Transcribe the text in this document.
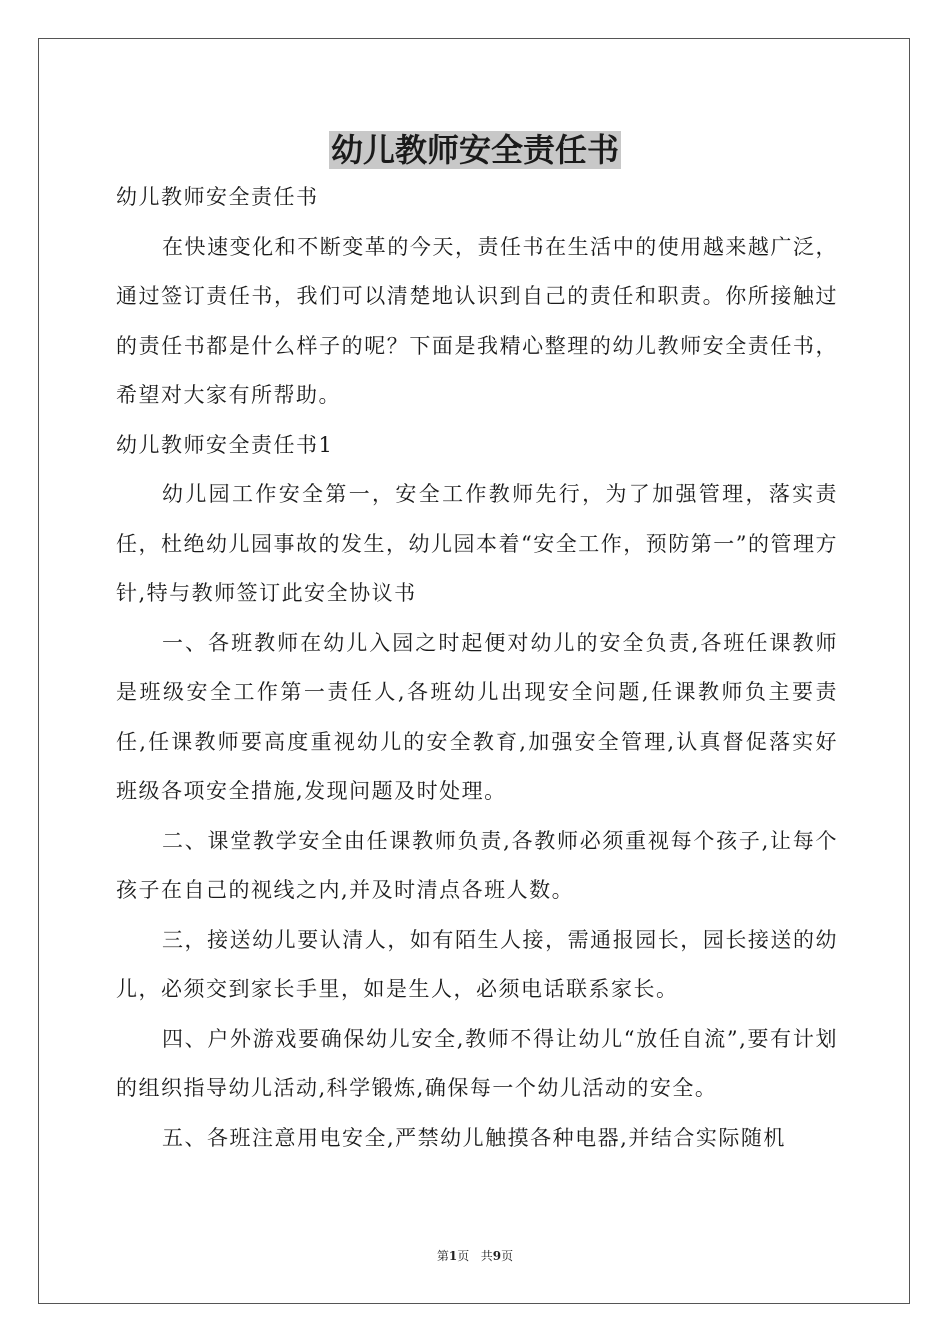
幼儿教师安全责任书

幼儿教师安全责任书

在快速变化和不断变革的今天，责任书在生活中的使用越来越广泛，通过签订责任书，我们可以清楚地认识到自己的责任和职责。你所接触过的责任书都是什么样子的呢？下面是我精心整理的幼儿教师安全责任书，希望对大家有所帮助。

幼儿教师安全责任书1

幼儿园工作安全第一，安全工作教师先行，为了加强管理，落实责任，杜绝幼儿园事故的发生，幼儿园本着“安全工作，预防第一”的管理方针,特与教师签订此安全协议书

一、各班教师在幼儿入园之时起便对幼儿的安全负责,各班任课教师是班级安全工作第一责任人,各班幼儿出现安全问题,任课教师负主要责任,任课教师要高度重视幼儿的安全教育,加强安全管理,认真督促落实好班级各项安全措施,发现问题及时处理。

二、课堂教学安全由任课教师负责,各教师必须重视每个孩子,让每个孩子在自己的视线之内,并及时清点各班人数。

三，接送幼儿要认清人，如有陌生人接，需通报园长，园长接送的幼儿，必须交到家长手里，如是生人，必须电话联系家长。

四、户外游戏要确保幼儿安全,教师不得让幼儿“放任自流”,要有计划的组织指导幼儿活动,科学锻炼,确保每一个幼儿活动的安全。

五、各班注意用电安全,严禁幼儿触摸各种电器,并结合实际随机

第1页 共9页
